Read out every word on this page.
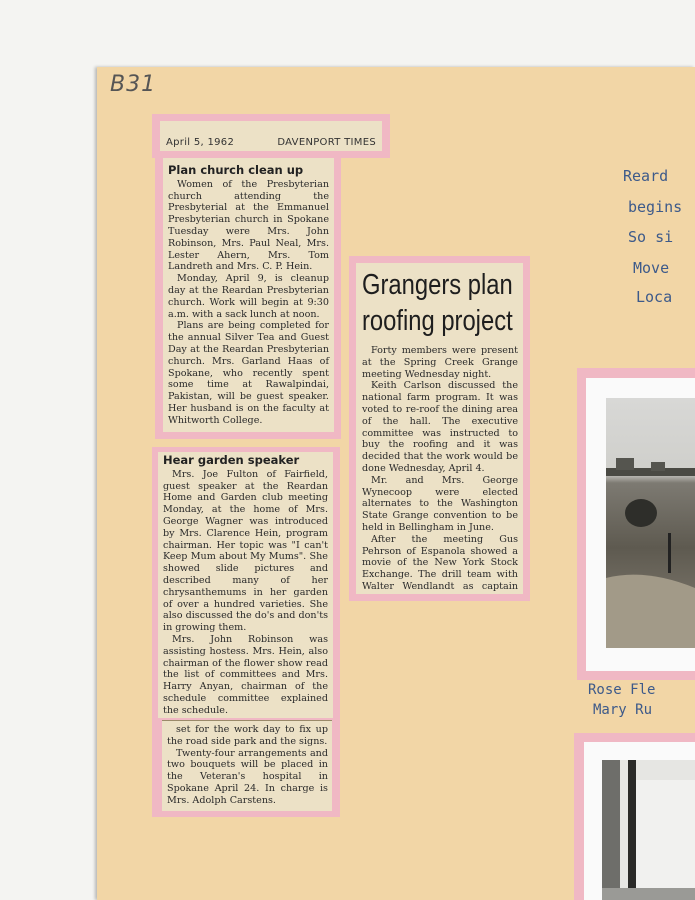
B31
April 5, 1962	DAVENPORT TIMES
Plan church clean up

Women of the Presbyterian church attending the Presbyterial at the Emmanuel Presbyterian church in Spokane Tuesday were Mrs. John Robinson, Mrs. Paul Neal, Mrs. Lester Ahern, Mrs. Tom Landreth and Mrs. C. P. Hein.

Monday, April 9, is cleanup day at the Reardan Presbyterian church. Work will begin at 9:30 a.m. with a sack lunch at noon.

Plans are being completed for the annual Silver Tea and Guest Day at the Reardan Presbyterian church. Mrs. Garland Haas of Spokane, who recently spent some time at Rawalpindai, Pakistan, will be guest speaker. Her husband is on the faculty at Whitworth College.

Hear garden speaker

Mrs. Joe Fulton of Fairfield, guest speaker at the Reardan Home and Garden club meeting Monday, at the home of Mrs. George Wagner was introduced by Mrs. Clarence Hein, program chairman. Her topic was "I can't Keep Mum about My Mums". She showed slide pictures and described many of her chrysanthemums in her garden of over a hundred varieties. She also discussed the do's and don'ts in growing them.

Mrs. John Robinson was assisting hostess. Mrs. Hein, also chairman of the flower show read the list of committees and Mrs. Harry Anyan, chairman of the schedule committee explained the schedule.

set for the work day to fix up the road side park and the signs.

Twenty-four arrangements and two bouquets will be placed in the Veteran's hospital in Spokane April 24. In charge is Mrs. Adolph Carstens.

Grangers plan roofing project

Forty members were present at the Spring Creek Grange meeting Wednesday night.

Keith Carlson discussed the national farm program. It was voted to re-roof the dining area of the hall. The executive committee was instructed to buy the roofing and it was decided that the work would be done Wednesday, April 4.

Mr. and Mrs. George Wynecoop were elected alternates to the Washington State Grange convention to be held in Bellingham in June.

After the meeting Gus Pehrson of Espanola showed a movie of the New York Stock Exchange. The drill team with Walter Wendlandt as captain

Reard
begins
So si
Move
Loca
Rose Fle
Mary Ru
